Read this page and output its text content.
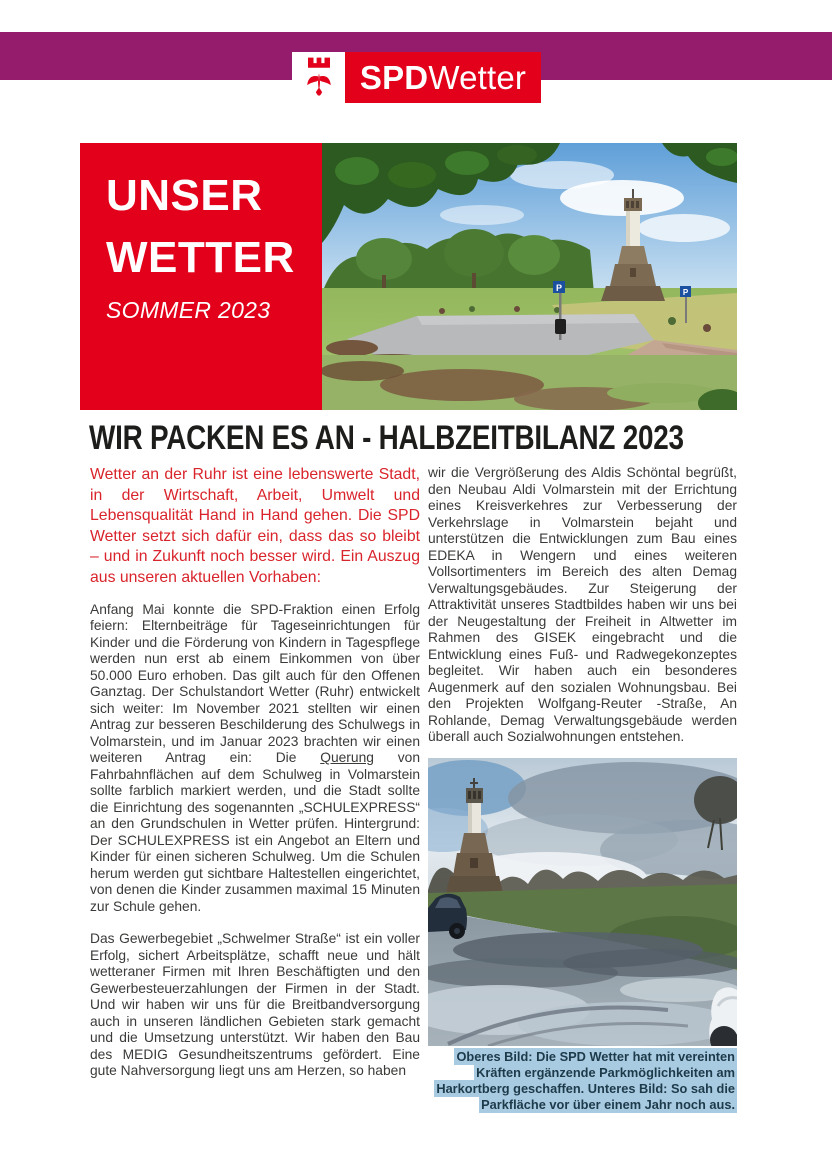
SPDWetter
UNSER
WETTER
SOMMER 2023
P	P
WIR PACKEN ES AN - HALBZEITBILANZ 2023

Wetter an der Ruhr ist eine lebenswerte Stadt, in der Wirtschaft, Arbeit, Umwelt und Lebensqualität Hand in Hand gehen. Die SPD Wetter setzt sich dafür ein, dass das so bleibt – und in Zukunft noch besser wird. Ein Auszug aus unseren aktuellen Vorhaben:

Anfang Mai konnte die SPD-Fraktion einen Erfolg feiern: Elternbeiträge für Tageseinrichtungen für Kinder und die Förderung von Kindern in Tagespflege werden nun erst ab einem Einkommen von über 50.000 Euro erhoben. Das gilt auch für den Offenen Ganztag. Der Schulstandort Wetter (Ruhr) entwickelt sich weiter: Im November 2021 stellten wir einen Antrag zur besseren Beschilderung des Schulwegs in Volmarstein, und im Januar 2023 brachten wir einen weiteren Antrag ein: Die Querung von Fahrbahnflächen auf dem Schulweg in Volmarstein sollte farblich markiert werden, und die Stadt sollte die Einrichtung des sogenannten „SCHULEXPRESS“ an den Grundschulen in Wetter prüfen. Hintergrund: Der SCHULEXPRESS ist ein Angebot an Eltern und Kinder für einen sicheren Schulweg. Um die Schulen herum werden gut sichtbare Haltestellen eingerichtet, von denen die Kinder zusammen maximal 15 Minuten zur Schule gehen.

Das Gewerbegebiet „Schwelmer Straße“ ist ein voller Erfolg, sichert Arbeitsplätze, schafft neue und hält wetteraner Firmen mit Ihren Beschäftigten und den Gewerbesteuerzahlungen der Firmen in der Stadt. Und wir haben wir uns für die Breitbandversorgung auch in unseren ländlichen Gebieten stark gemacht und die Umsetzung unterstützt. Wir haben den Bau des MEDIG Gesundheitszentrums gefördert. Eine gute Nahversorgung liegt uns am Herzen, so haben

wir die Vergrößerung des Aldis Schöntal begrüßt, den Neubau Aldi Volmarstein mit der Errichtung eines Kreisverkehres zur Verbesserung der Verkehrslage in Volmarstein bejaht und unterstützen die Entwicklungen zum Bau eines EDEKA in Wengern und eines weiteren Vollsortimenters im Bereich des alten Demag Verwaltungsgebäudes. Zur Steigerung der Attraktivität unseres Stadtbildes haben wir uns bei der Neugestaltung der Freiheit in Altwetter im Rahmen des GISEK eingebracht und die Entwicklung eines Fuß- und Radwegekonzeptes begleitet. Wir haben auch ein besonderes Augenmerk auf den sozialen Wohnungsbau. Bei den Projekten Wolfgang-Reuter -Straße, An Rohlande, Demag Verwaltungsgebäude werden überall auch Sozialwohnungen entstehen.

Oberes Bild: Die SPD Wetter hat mit vereinten Kräften ergänzende Parkmöglichkeiten am Harkortberg geschaffen. Unteres Bild: So sah die Parkfläche vor über einem Jahr noch aus.
